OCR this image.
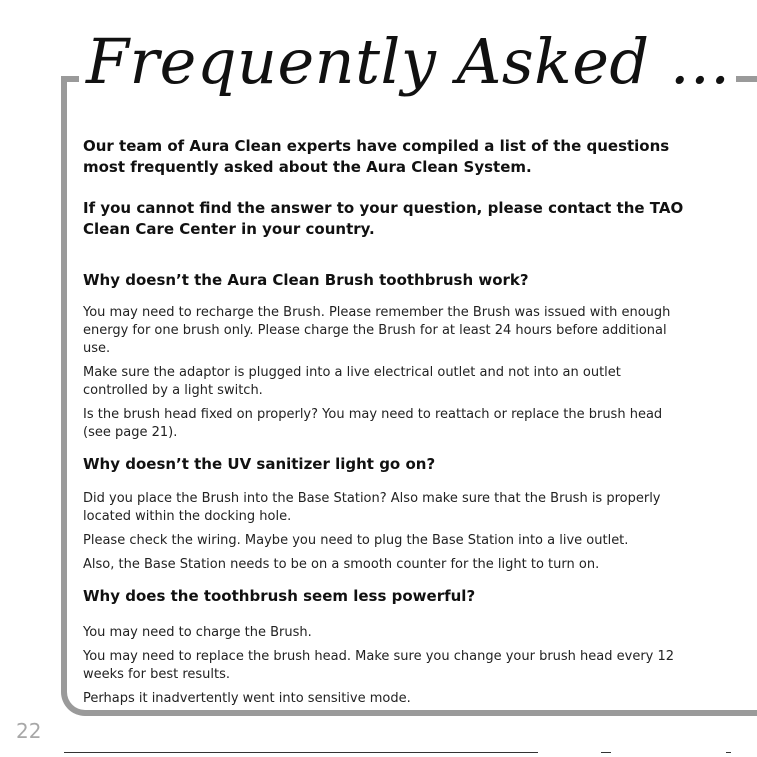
Frequently Asked ...

Our team of Aura Clean experts have compiled a list of the questions most frequently asked about the Aura Clean System.

If you cannot find the answer to your question, please contact the TAO Clean Care Center in your country.

Why doesn’t the Aura Clean Brush toothbrush work?

You may need to recharge the Brush. Please remember the Brush was issued with enough energy for one brush only. Please charge the Brush for at least 24 hours before additional use.

Make sure the adaptor is plugged into a live electrical outlet and not into an outlet controlled by a light switch.

Is the brush head fixed on properly? You may need to reattach or replace the brush head (see page 21).

Why doesn’t the UV sanitizer light go on?

Did you place the Brush into the Base Station? Also make sure that the Brush is properly located within the docking hole.

Please check the wiring. Maybe you need to plug the Base Station into a live outlet.

Also, the Base Station needs to be on a smooth counter for the light to turn on.

Why does the toothbrush seem less powerful?

You may need to charge the Brush.

You may need to replace the brush head. Make sure you change your brush head every 12 weeks for best results.

Perhaps it inadvertently went into sensitive mode.

22
